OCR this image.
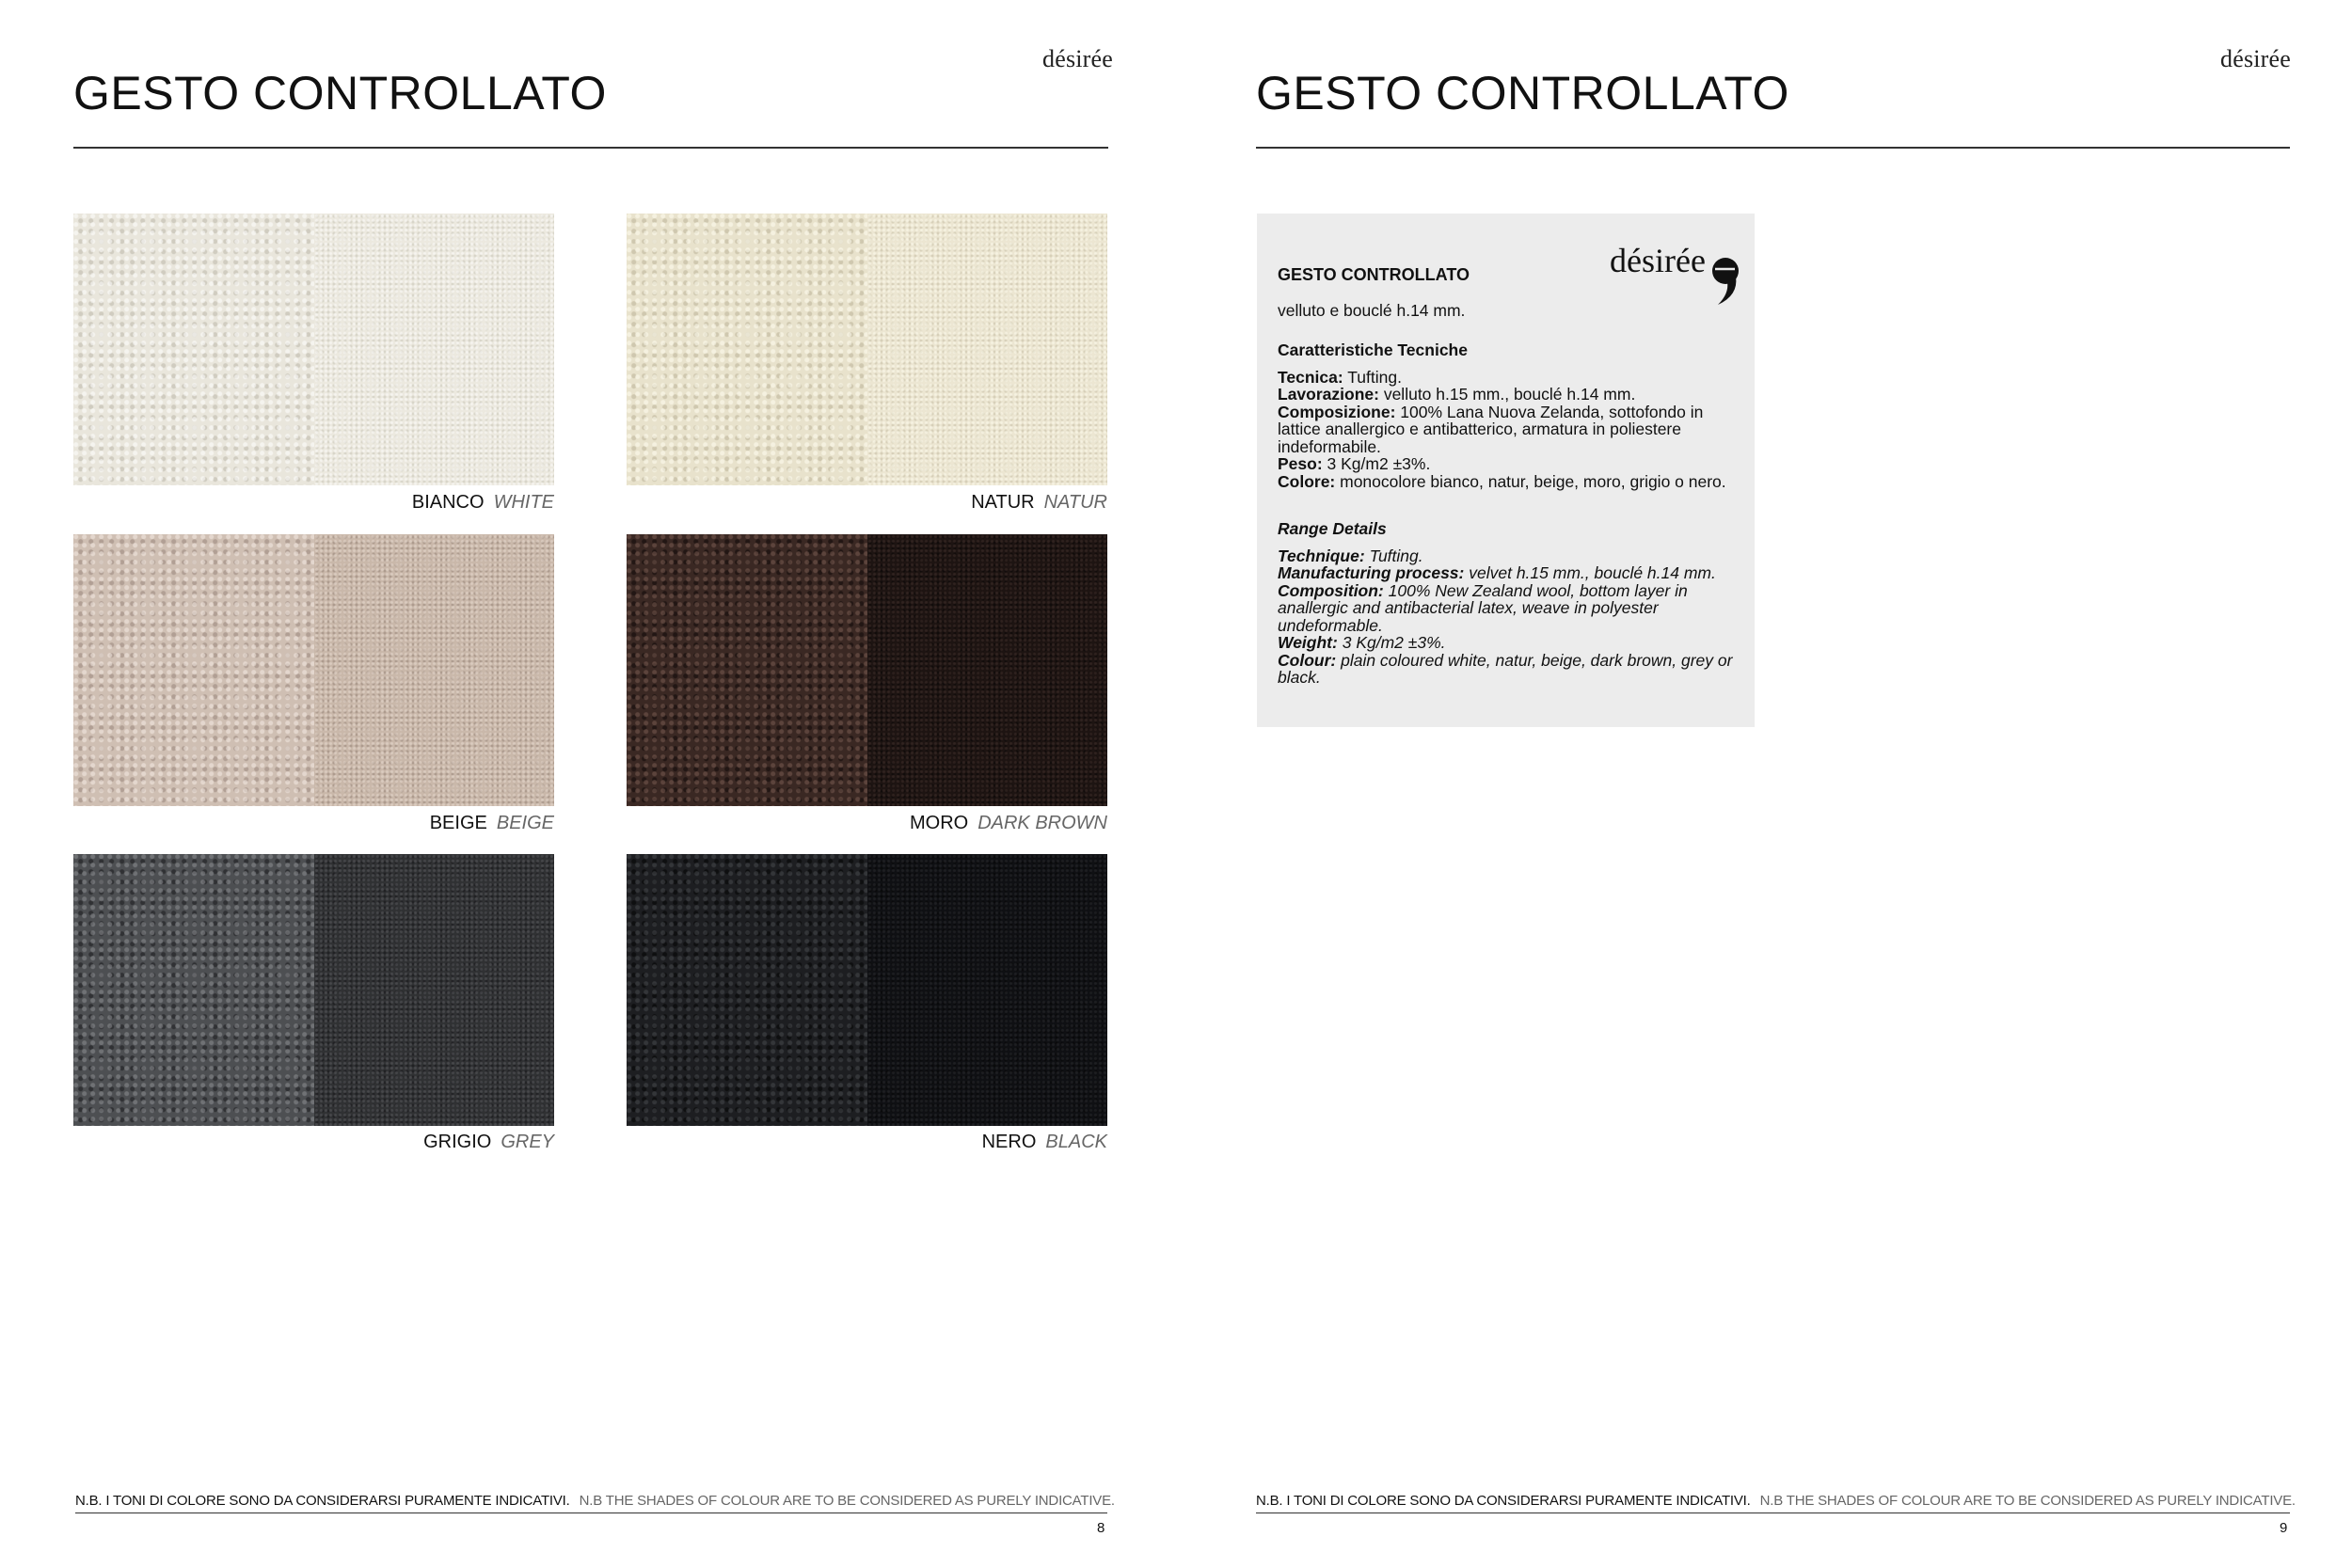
désirée
GESTO CONTROLLATO
BIANCO WHITE	NATUR NATUR
BEIGE BEIGE	MORO DARK BROWN
GRIGIO GREY	NERO BLACK
N.B. I TONI DI COLORE SONO DA CONSIDERARSI PURAMENTE INDICATIVI. N.B THE SHADES OF COLOUR ARE TO BE CONSIDERED AS PURELY INDICATIVE.
8
désirée
GESTO CONTROLLATO
GESTO CONTROLLATO	désirée
velluto e bouclé h.14 mm.

Caratteristiche Tecniche

Tecnica: Tufting.

Lavorazione: velluto h.15 mm., bouclé h.14 mm.

Composizione: 100% Lana Nuova Zelanda, sottofondo in lattice anallergico e antibatterico, armatura in poliestere indeformabile.

Peso: 3 Kg/m2 ±3%.

Colore: monocolore bianco, natur, beige, moro, grigio o nero.

Range Details

Technique: Tufting.

Manufacturing process: velvet h.15 mm., bouclé h.14 mm.

Composition: 100% New Zealand wool, bottom layer in anallergic and antibacterial latex, weave in polyester undeformable.

Weight: 3 Kg/m2 ±3%.

Colour: plain coloured white, natur, beige, dark brown, grey or black.

N.B. I TONI DI COLORE SONO DA CONSIDERARSI PURAMENTE INDICATIVI. N.B THE SHADES OF COLOUR ARE TO BE CONSIDERED AS PURELY INDICATIVE.
9
